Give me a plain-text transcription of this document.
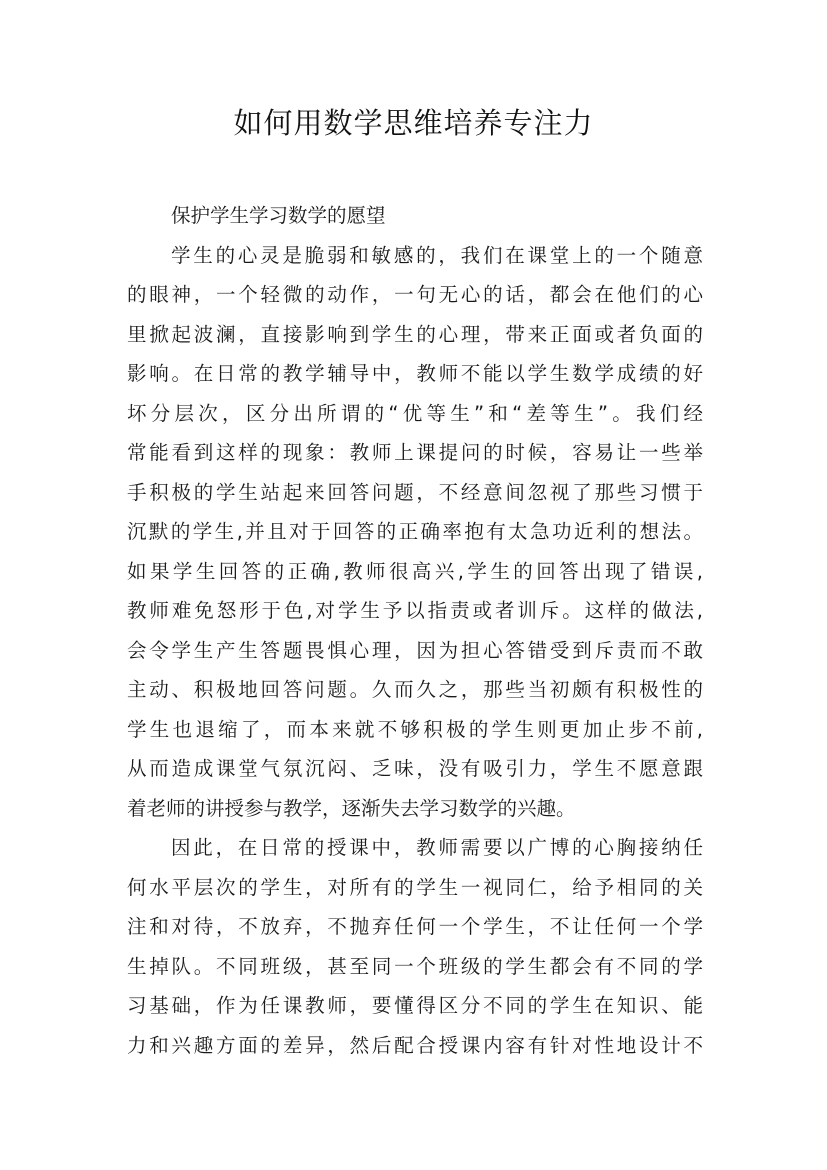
如何用数学思维培养专注力
保护学生学习数学的愿望
学生的心灵是脆弱和敏感的，我们在课堂上的一个随意
的眼神，一个轻微的动作，一句无心的话，都会在他们的心
里掀起波澜，直接影响到学生的心理，带来正面或者负面的
影响。在日常的教学辅导中，教师不能以学生数学成绩的好
坏分层次，区分出所谓的“优等生”和“差等生”。我们经
常能看到这样的现象：教师上课提问的时候，容易让一些举
手积极的学生站起来回答问题，不经意间忽视了那些习惯于
沉默的学生,并且对于回答的正确率抱有太急功近利的想法。
如果学生回答的正确,教师很高兴,学生的回答出现了错误,
教师难免怒形于色,对学生予以指责或者训斥。这样的做法,
会令学生产生答题畏惧心理，因为担心答错受到斥责而不敢
主动、积极地回答问题。久而久之，那些当初颇有积极性的
学生也退缩了，而本来就不够积极的学生则更加止步不前,
从而造成课堂气氛沉闷、乏味，没有吸引力，学生不愿意跟
着老师的讲授参与教学，逐渐失去学习数学的兴趣。
因此，在日常的授课中，教师需要以广博的心胸接纳任
何水平层次的学生，对所有的学生一视同仁，给予相同的关
注和对待，不放弃，不抛弃任何一个学生，不让任何一个学
生掉队。不同班级，甚至同一个班级的学生都会有不同的学
习基础，作为任课教师，要懂得区分不同的学生在知识、能
力和兴趣方面的差异，然后配合授课内容有针对性地设计不
